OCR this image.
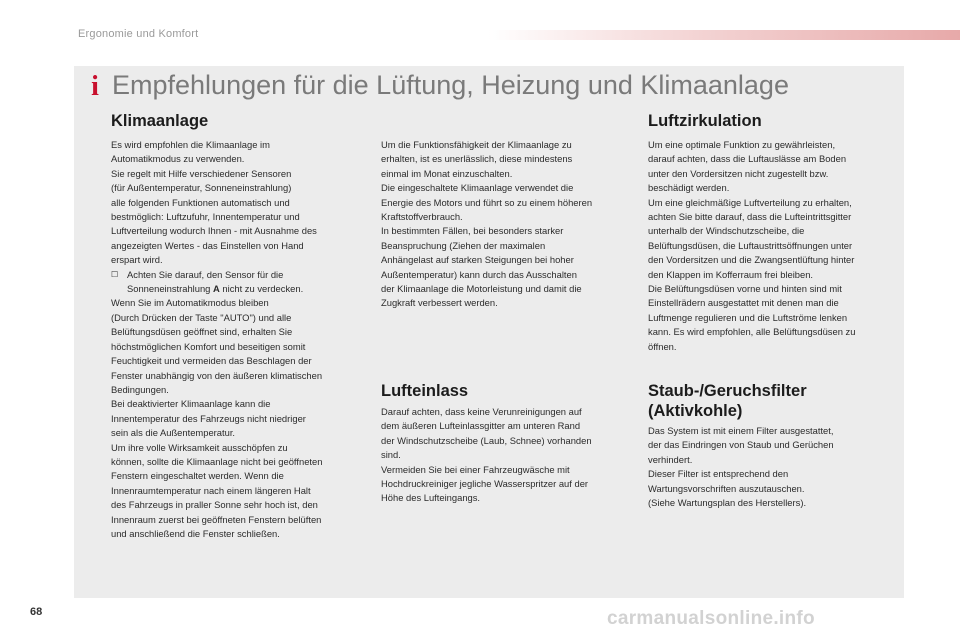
Ergonomie und Komfort
i Empfehlungen für die Lüftung, Heizung und Klimaanlage
Klimaanlage

Es wird empfohlen die Klimaanlage im

Automatikmodus zu verwenden.

Sie regelt mit Hilfe verschiedener Sensoren

(für Außentemperatur, Sonneneinstrahlung)

alle folgenden Funktionen automatisch und

bestmöglich: Luftzufuhr, Innentemperatur und

Luftverteilung wodurch Ihnen - mit Ausnahme des

angezeigten Wertes - das Einstellen von Hand

erspart wird.

☐ Achten Sie darauf, den Sensor für die
Sonneneinstrahlung A nicht zu verdecken.

Wenn Sie im Automatikmodus bleiben

(Durch Drücken der Taste "AUTO") und alle

Belüftungsdüsen geöffnet sind, erhalten Sie

höchstmöglichen Komfort und beseitigen somit

Feuchtigkeit und vermeiden das Beschlagen der

Fenster unabhängig von den äußeren klimatischen

Bedingungen.

Bei deaktivierter Klimaanlage kann die

Innentemperatur des Fahrzeugs nicht niedriger

sein als die Außentemperatur.

Um ihre volle Wirksamkeit ausschöpfen zu

können, sollte die Klimaanlage nicht bei geöffneten

Fenstern eingeschaltet werden. Wenn die

Innenraumtemperatur nach einem längeren Halt

des Fahrzeugs in praller Sonne sehr hoch ist, den

Innenraum zuerst bei geöffneten Fenstern belüften

und anschließend die Fenster schließen.

Um die Funktionsfähigkeit der Klimaanlage zu

erhalten, ist es unerlässlich, diese mindestens

einmal im Monat einzuschalten.

Die eingeschaltete Klimaanlage verwendet die

Energie des Motors und führt so zu einem höheren

Kraftstoffverbrauch.

In bestimmten Fällen, bei besonders starker

Beanspruchung (Ziehen der maximalen

Anhängelast auf starken Steigungen bei hoher

Außentemperatur) kann durch das Ausschalten

der Klimaanlage die Motorleistung und damit die

Zugkraft verbessert werden.

Lufteinlass

Darauf achten, dass keine Verunreinigungen auf

dem äußeren Lufteinlassgitter am unteren Rand

der Windschutzscheibe (Laub, Schnee) vorhanden

sind.

Vermeiden Sie bei einer Fahrzeugwäsche mit

Hochdruckreiniger jegliche Wasserspritzer auf der

Höhe des Lufteingangs.

Luftzirkulation

Um eine optimale Funktion zu gewährleisten,

darauf achten, dass die Luftauslässe am Boden

unter den Vordersitzen nicht zugestellt bzw.

beschädigt werden.

Um eine gleichmäßige Luftverteilung zu erhalten,

achten Sie bitte darauf, dass die Lufteintrittsgitter

unterhalb der Windschutzscheibe, die

Belüftungsdüsen, die Luftaustrittsöffnungen unter

den Vordersitzen und die Zwangsentlüftung hinter

den Klappen im Kofferraum frei bleiben.

Die Belüftungsdüsen vorne und hinten sind mit

Einstellrädern ausgestattet mit denen man die

Luftmenge regulieren und die Luftströme lenken

kann. Es wird empfohlen, alle Belüftungsdüsen zu

öffnen.

Staub-/Geruchsfilter
(Aktivkohle)

Das System ist mit einem Filter ausgestattet,

der das Eindringen von Staub und Gerüchen

verhindert.

Dieser Filter ist entsprechend den

Wartungsvorschriften auszutauschen.

(Siehe Wartungsplan des Herstellers).

68	carmanualsonline.info
